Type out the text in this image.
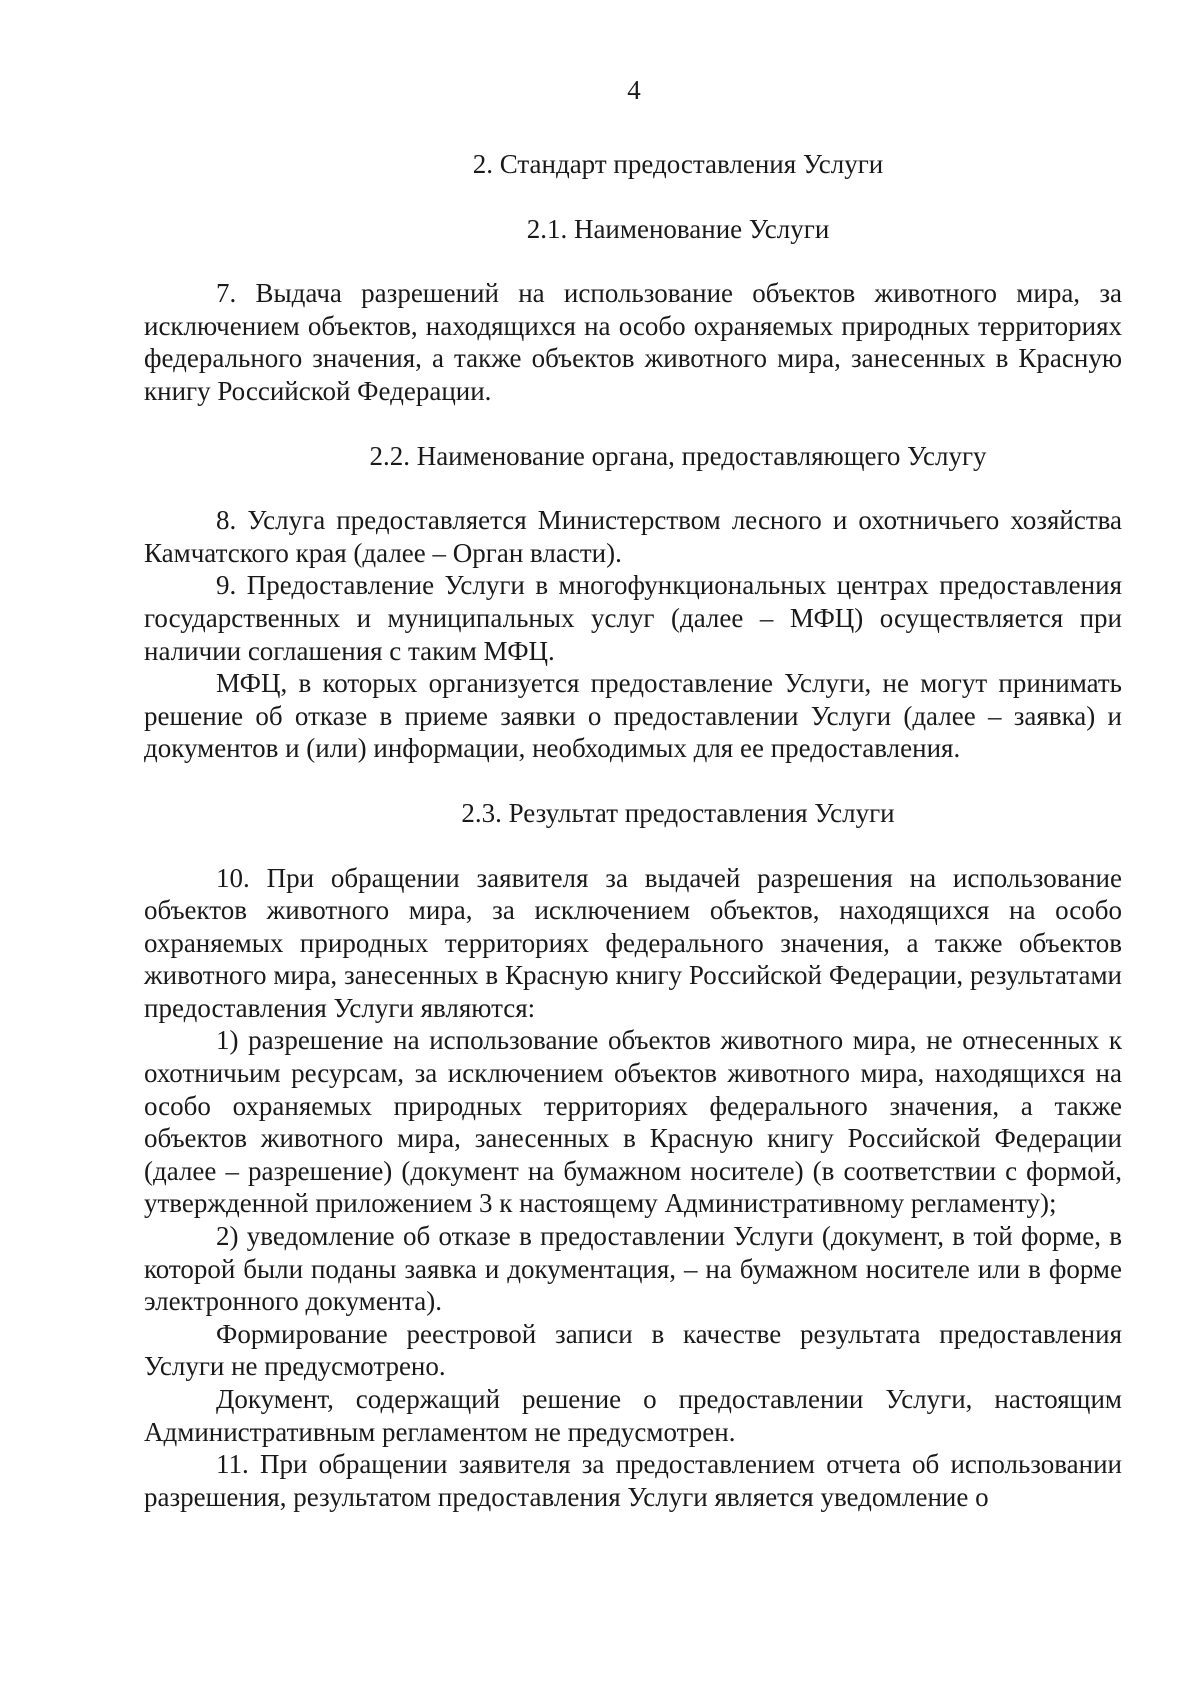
4
2. Стандарт предоставления Услуги
2.1. Наименование Услуги

7. Выдача разрешений на использование объектов животного мира, за исключением объектов, находящихся на особо охраняемых природных территориях федерального значения, а также объектов животного мира, занесенных в Красную книгу Российской Федерации.

2.2. Наименование органа, предоставляющего Услугу

8. Услуга предоставляется Министерством лесного и охотничьего хозяйства Камчатского края (далее – Орган власти).

9. Предоставление Услуги в многофункциональных центрах предоставления государственных и муниципальных услуг (далее – МФЦ) осуществляется при наличии соглашения с таким МФЦ.

МФЦ, в которых организуется предоставление Услуги, не могут принимать решение об отказе в приеме заявки о предоставлении Услуги (далее – заявка) и документов и (или) информации, необходимых для ее предоставления.

2.3. Результат предоставления Услуги

10. При обращении заявителя за выдачей разрешения на использование объектов животного мира, за исключением объектов, находящихся на особо охраняемых природных территориях федерального значения, а также объектов животного мира, занесенных в Красную книгу Российской Федерации, результатами предоставления Услуги являются:

1) разрешение на использование объектов животного мира, не отнесенных к охотничьим ресурсам, за исключением объектов животного мира, находящихся на особо охраняемых природных территориях федерального значения, а также объектов животного мира, занесенных в Красную книгу Российской Федерации (далее – разрешение) (документ на бумажном носителе) (в соответствии с формой, утвержденной приложением 3 к настоящему Административному регламенту);

2) уведомление об отказе в предоставлении Услуги (документ, в той форме, в которой были поданы заявка и документация, – на бумажном носителе или в форме электронного документа).

Формирование реестровой записи в качестве результата предоставления Услуги не предусмотрено.

Документ, содержащий решение о предоставлении Услуги, настоящим Административным регламентом не предусмотрен.

11. При обращении заявителя за предоставлением отчета об использовании разрешения, результатом предоставления Услуги является уведомление о
